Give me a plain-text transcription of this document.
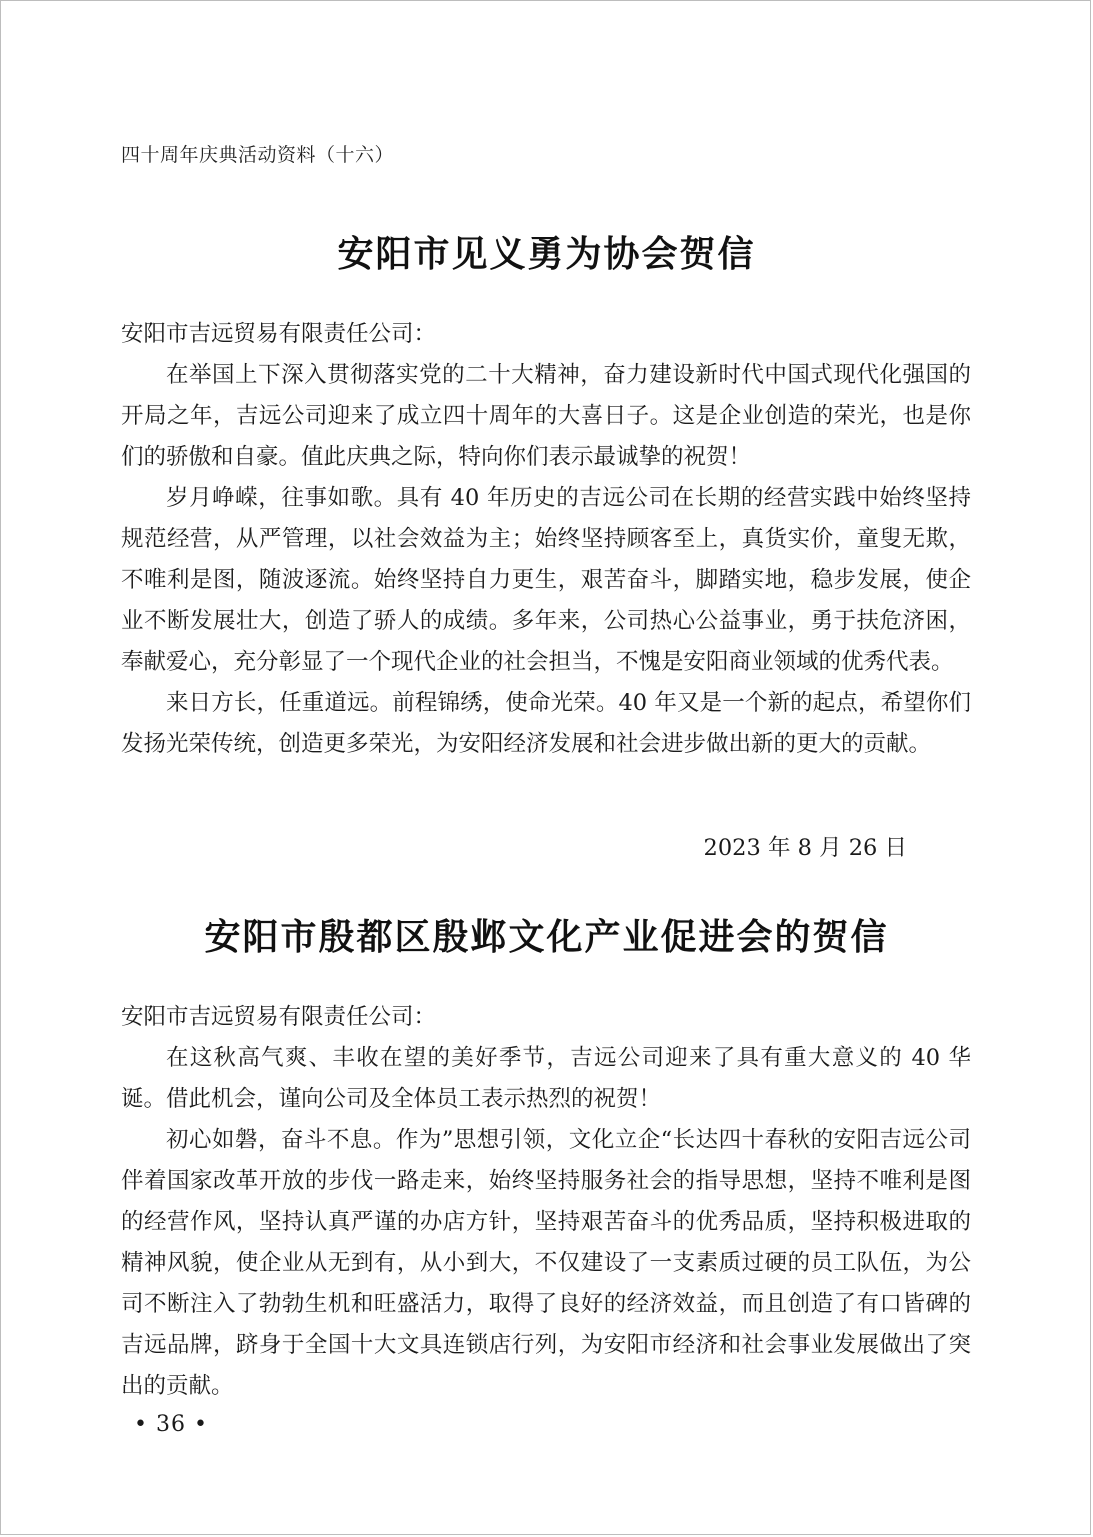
四十周年庆典活动资料（十六）
安阳市见义勇为协会贺信

安阳市吉远贸易有限责任公司：

在举国上下深入贯彻落实党的二十大精神，奋力建设新时代中国式现代化强国的开局之年，吉远公司迎来了成立四十周年的大喜日子。这是企业创造的荣光，也是你们的骄傲和自豪。值此庆典之际，特向你们表示最诚挚的祝贺！

岁月峥嵘，往事如歌。具有 40 年历史的吉远公司在长期的经营实践中始终坚持规范经营，从严管理，以社会效益为主；始终坚持顾客至上，真货实价，童叟无欺，不唯利是图，随波逐流。始终坚持自力更生，艰苦奋斗，脚踏实地，稳步发展，使企业不断发展壮大，创造了骄人的成绩。多年来，公司热心公益事业，勇于扶危济困，奉献爱心，充分彰显了一个现代企业的社会担当，不愧是安阳商业领域的优秀代表。

来日方长，任重道远。前程锦绣，使命光荣。40 年又是一个新的起点，希望你们发扬光荣传统，创造更多荣光，为安阳经济发展和社会进步做出新的更大的贡献。

2023 年 8 月 26 日
安阳市殷都区殷邺文化产业促进会的贺信

安阳市吉远贸易有限责任公司：

在这秋高气爽、丰收在望的美好季节，吉远公司迎来了具有重大意义的 40 华诞。借此机会，谨向公司及全体员工表示热烈的祝贺！

初心如磐，奋斗不息。作为”思想引领，文化立企“长达四十春秋的安阳吉远公司伴着国家改革开放的步伐一路走来，始终坚持服务社会的指导思想，坚持不唯利是图的经营作风，坚持认真严谨的办店方针，坚持艰苦奋斗的优秀品质，坚持积极进取的精神风貌，使企业从无到有，从小到大，不仅建设了一支素质过硬的员工队伍，为公司不断注入了勃勃生机和旺盛活力，取得了良好的经济效益，而且创造了有口皆碑的吉远品牌，跻身于全国十大文具连锁店行列，为安阳市经济和社会事业发展做出了突出的贡献。

• 36 •
